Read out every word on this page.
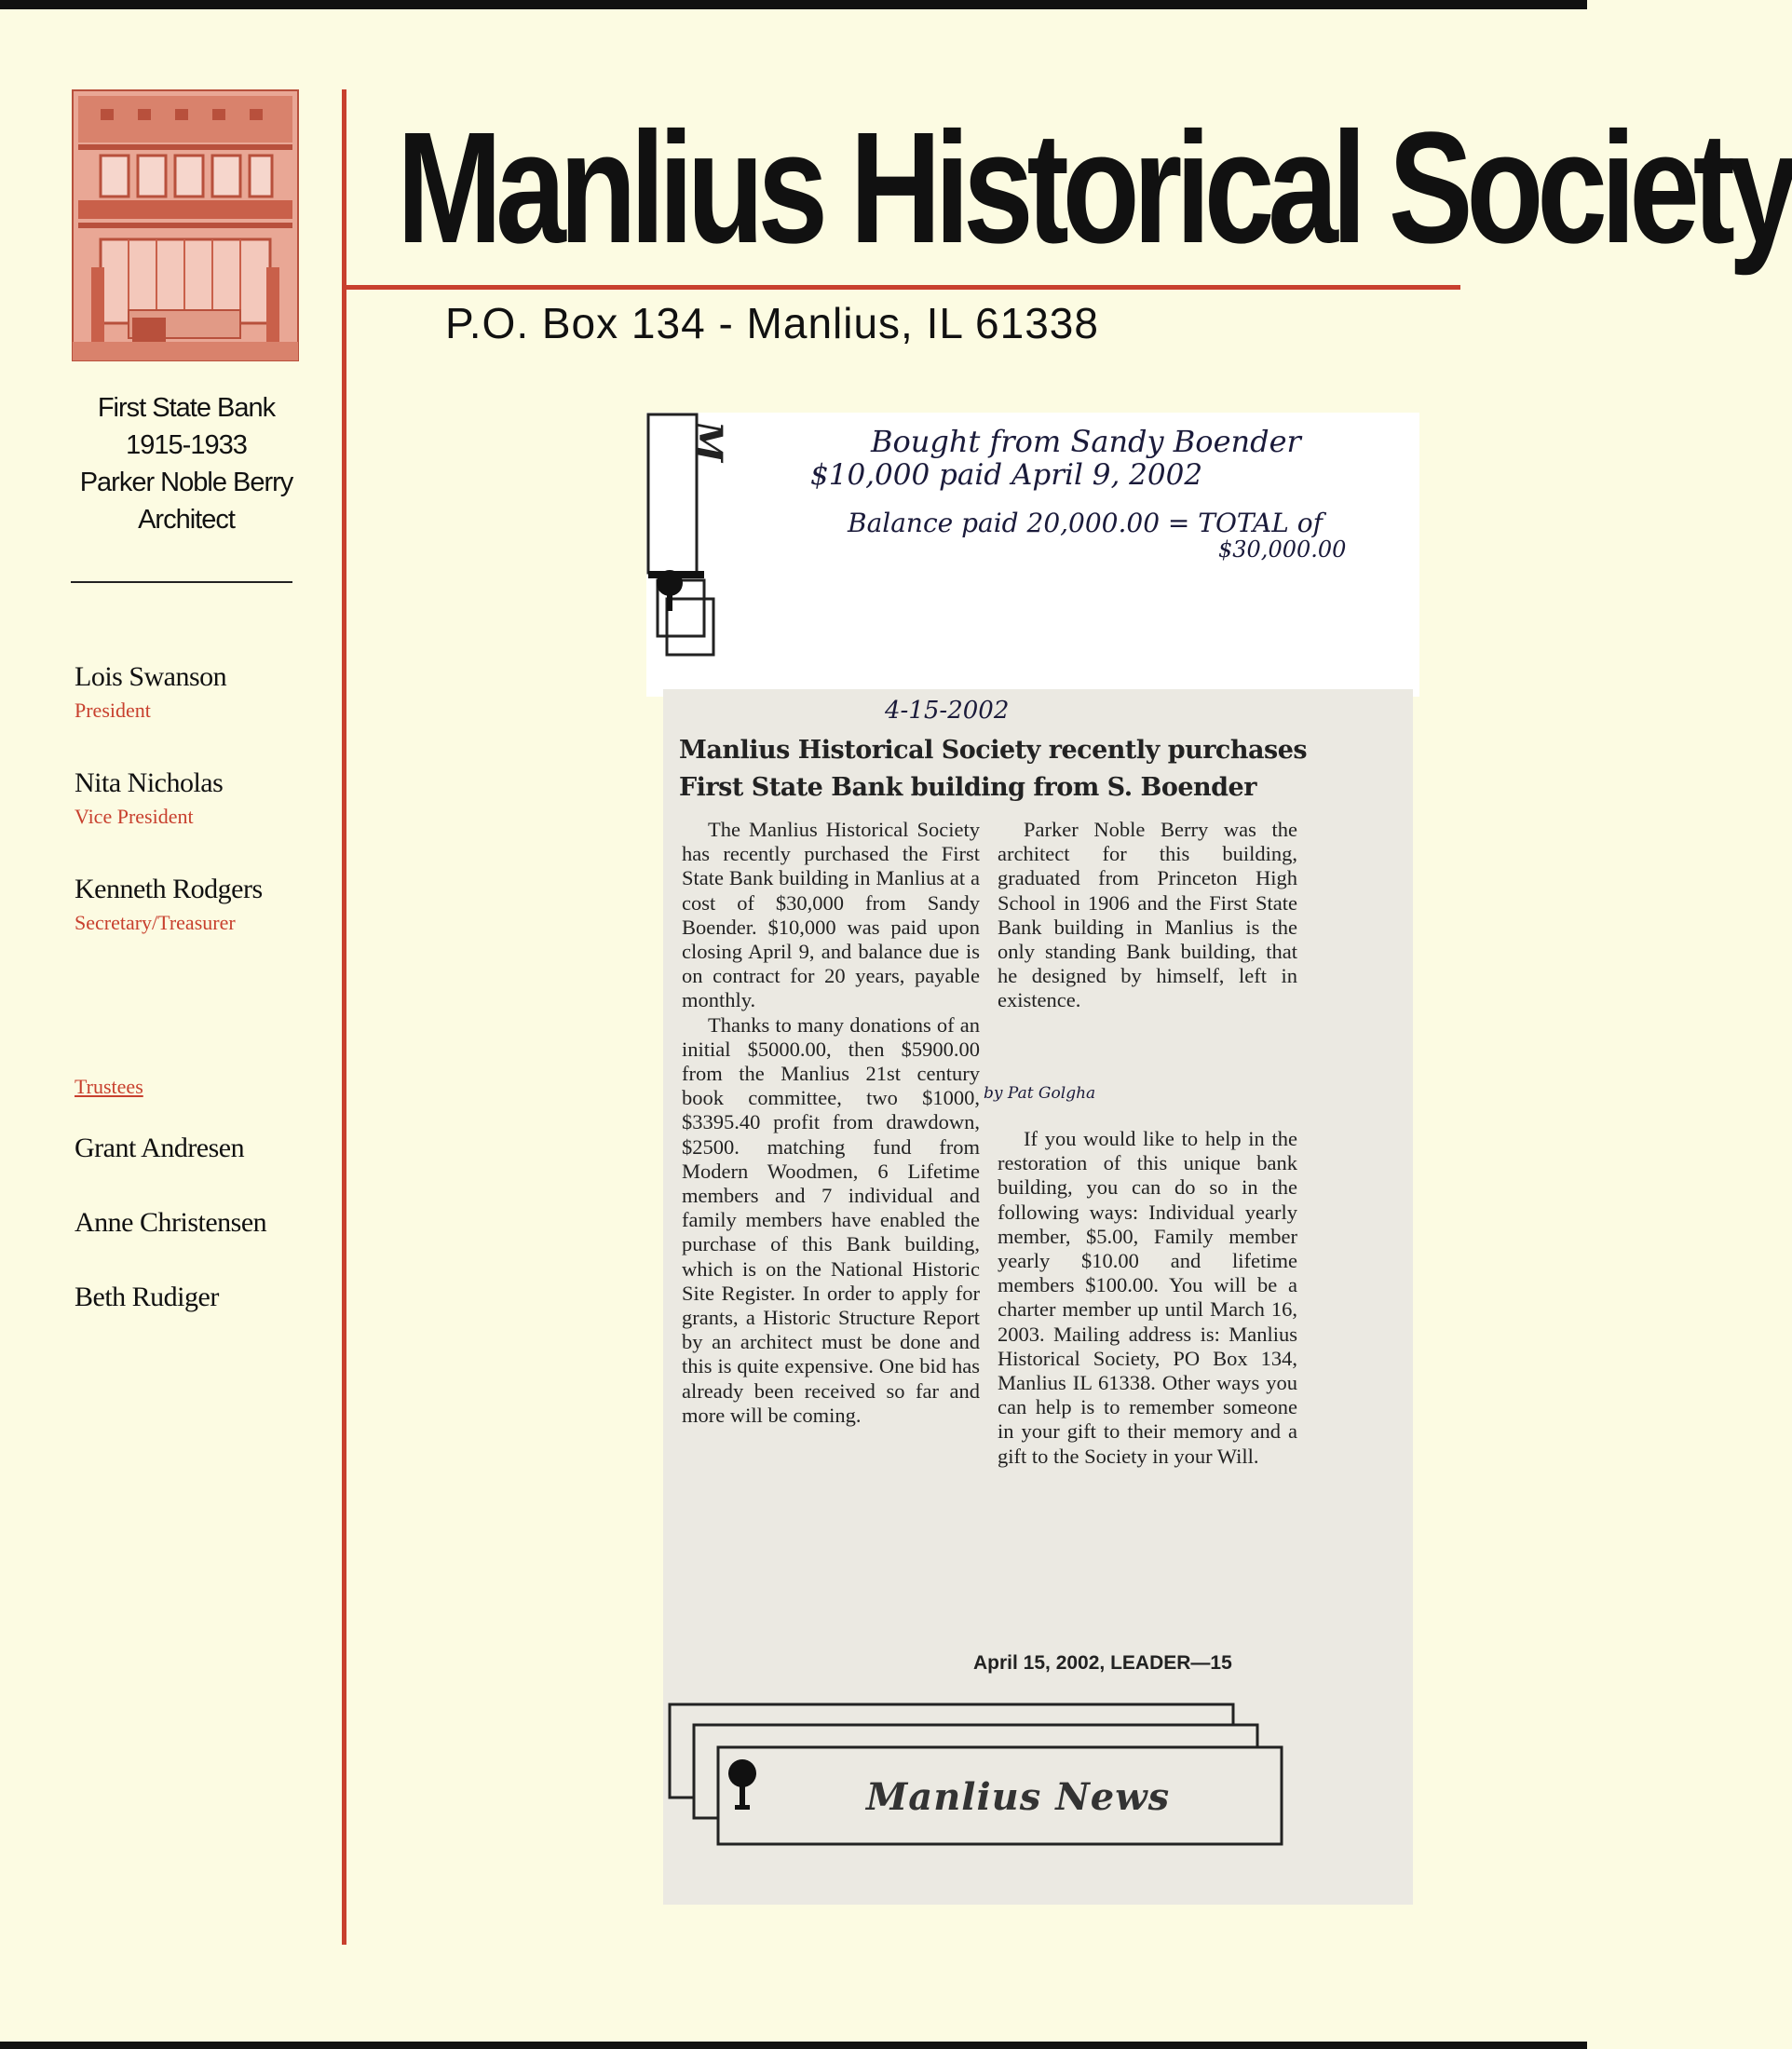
First State Bank
1915-1933
Parker Noble Berry
Architect
Lois Swanson
President
Nita Nicholas
Vice President
Kenneth Rodgers
Secretary/Treasurer
Trustees
Grant Andresen
Anne Christensen
Beth Rudiger
Manlius Historical Society
P.O. Box 134 - Manlius, IL 61338
M	Bought from Sandy Boender
$10,000 paid April 9, 2002
Balance paid 20,000.00 = TOTAL of
$30,000.00
4-15-2002
Manlius Historical Society recently purchases
First State Bank building from S. Boender

The Manlius Historical Society has recently purchased the First State Bank building in Manlius at a cost of $30,000 from Sandy Boender. $10,000 was paid upon closing April 9, and balance due is on contract for 20 years, payable monthly.

Thanks to many donations of an initial $5000.00, then $5900.00 from the Manlius 21st century book committee, two $1000, $3395.40 profit from drawdown, $2500. matching fund from Modern Woodmen, 6 Lifetime members and 7 individual and family members have enabled the purchase of this Bank building, which is on the National Historic Site Register. In order to apply for grants, a Historic Structure Report by an architect must be done and this is quite expensive. One bid has already been received so far and more will be coming.

by Pat Golgha

Parker Noble Berry was the architect for this building, graduated from Princeton High School in 1906 and the First State Bank building in Manlius is the only standing Bank building, that he designed by himself, left in existence.

If you would like to help in the restoration of this unique bank building, you can do so in the following ways: Individual yearly member, $5.00, Family member yearly $10.00 and lifetime members $100.00. You will be a charter member up until March 16, 2003. Mailing address is: Manlius Historical Society, PO Box 134, Manlius IL 61338. Other ways you can help is to remember someone in your gift to their memory and a gift to the Society in your Will.

April 15, 2002, LEADER—15
Manlius News
